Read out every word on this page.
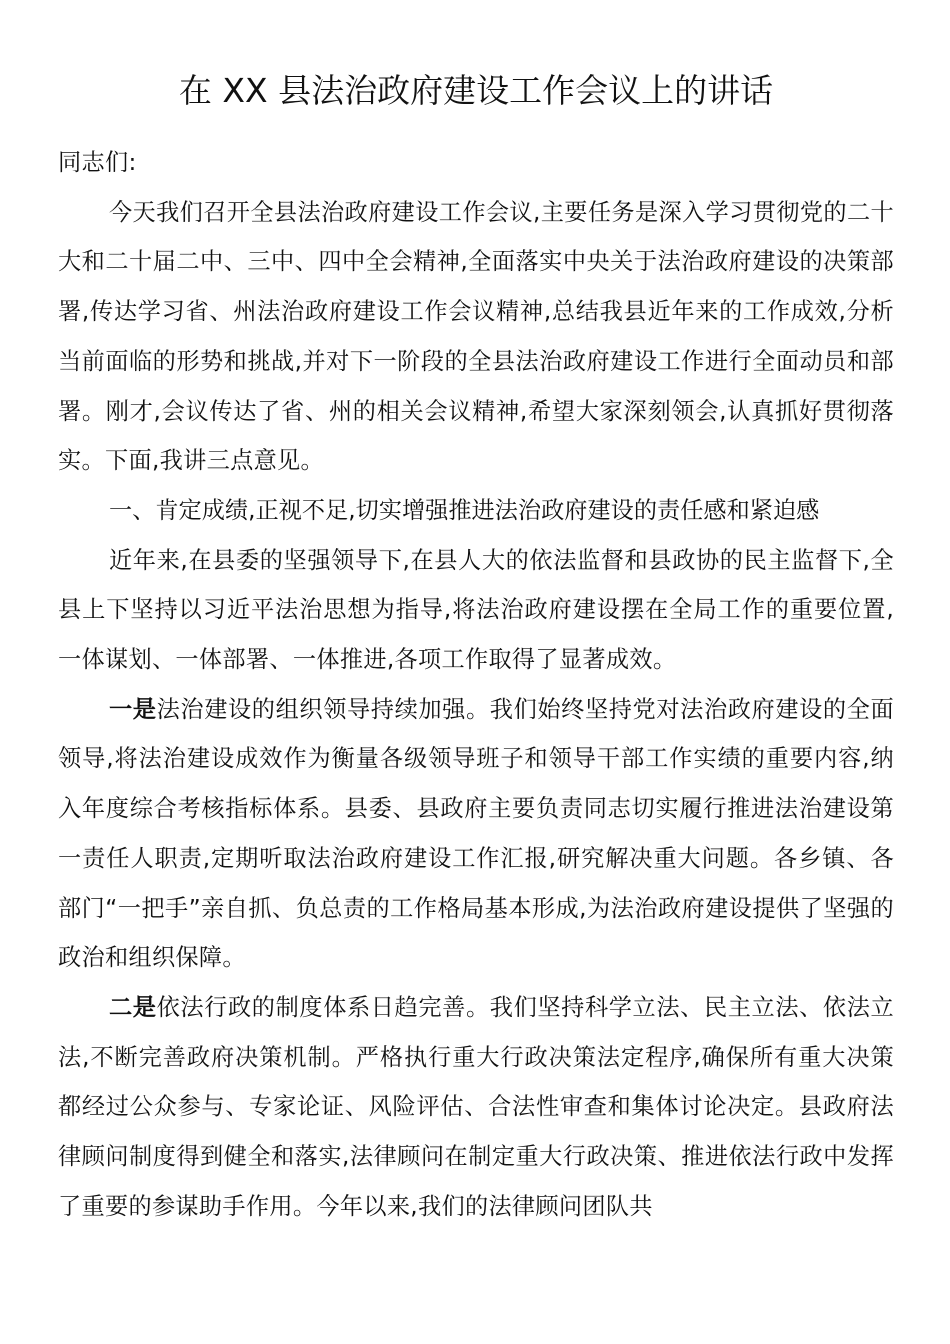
在 XX 县法治政府建设工作会议上的讲话

同志们:

今天我们召开全县法治政府建设工作会议,主要任务是深入学习贯彻党的二十大和二十届二中、三中、四中全会精神,全面落实中央关于法治政府建设的决策部署,传达学习省、州法治政府建设工作会议精神,总结我县近年来的工作成效,分析当前面临的形势和挑战,并对下一阶段的全县法治政府建设工作进行全面动员和部署。刚才,会议传达了省、州的相关会议精神,希望大家深刻领会,认真抓好贯彻落实。下面,我讲三点意见。

一、肯定成绩,正视不足,切实增强推进法治政府建设的责任感和紧迫感

近年来,在县委的坚强领导下,在县人大的依法监督和县政协的民主监督下,全县上下坚持以习近平法治思想为指导,将法治政府建设摆在全局工作的重要位置,一体谋划、一体部署、一体推进,各项工作取得了显著成效。

一是法治建设的组织领导持续加强。我们始终坚持党对法治政府建设的全面领导,将法治建设成效作为衡量各级领导班子和领导干部工作实绩的重要内容,纳入年度综合考核指标体系。县委、县政府主要负责同志切实履行推进法治建设第一责任人职责,定期听取法治政府建设工作汇报,研究解决重大问题。各乡镇、各部门“一把手”亲自抓、负总责的工作格局基本形成,为法治政府建设提供了坚强的政治和组织保障。

二是依法行政的制度体系日趋完善。我们坚持科学立法、民主立法、依法立法,不断完善政府决策机制。严格执行重大行政决策法定程序,确保所有重大决策都经过公众参与、专家论证、风险评估、合法性审查和集体讨论决定。县政府法律顾问制度得到健全和落实,法律顾问在制定重大行政决策、推进依法行政中发挥了重要的参谋助手作用。今年以来,我们的法律顾问团队共
